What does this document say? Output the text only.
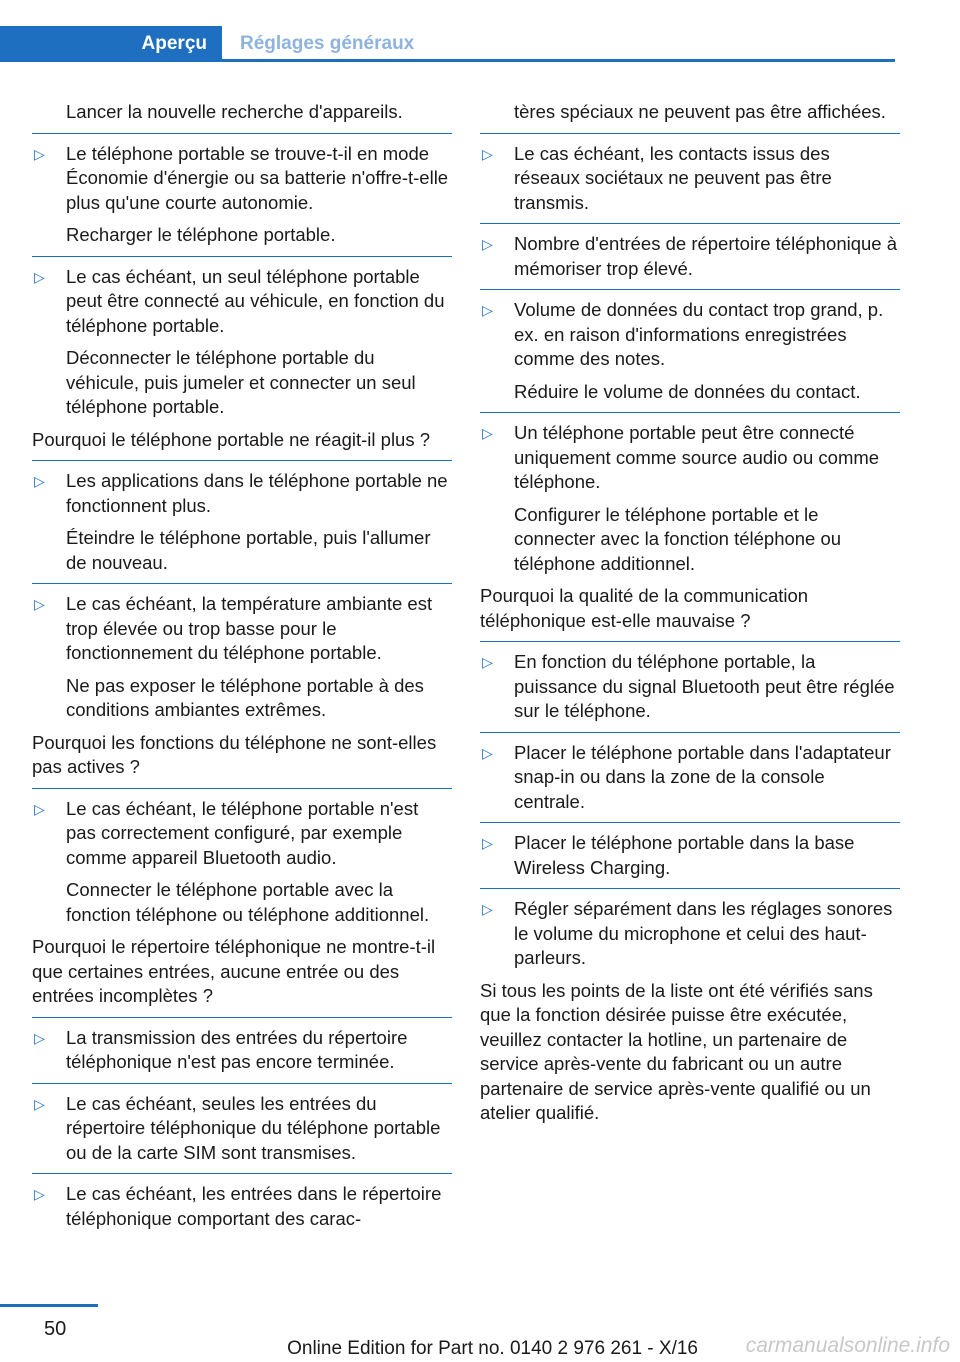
Aperçu Réglages généraux
Lancer la nouvelle recherche d'appareils.
▷	Le téléphone portable se trouve-t-il en mode Économie d'énergie ou sa batterie n'offre-t-elle plus qu'une courte autonomie.
Recharger le téléphone portable.
▷	Le cas échéant, un seul téléphone portable peut être connecté au véhicule, en fonction du téléphone portable.
Déconnecter le téléphone portable du véhicule, puis jumeler et connecter un seul téléphone portable.
Pourquoi le téléphone portable ne réagit-il plus ?
▷	Les applications dans le téléphone portable ne fonctionnent plus.
Éteindre le téléphone portable, puis l'allumer de nouveau.
▷	Le cas échéant, la température ambiante est trop élevée ou trop basse pour le fonctionnement du téléphone portable.
Ne pas exposer le téléphone portable à des conditions ambiantes extrêmes.
Pourquoi les fonctions du téléphone ne sont-elles pas actives ?
▷	Le cas échéant, le téléphone portable n'est pas correctement configuré, par exemple comme appareil Bluetooth audio.
Connecter le téléphone portable avec la fonction téléphone ou téléphone additionnel.
Pourquoi le répertoire téléphonique ne montre-t-il que certaines entrées, aucune entrée ou des entrées incomplètes ?
▷	La transmission des entrées du répertoire téléphonique n'est pas encore terminée.
▷	Le cas échéant, seules les entrées du répertoire téléphonique du téléphone portable ou de la carte SIM sont transmises.
▷	Le cas échéant, les entrées dans le répertoire téléphonique comportant des carac-
tères spéciaux ne peuvent pas être affichées.
▷	Le cas échéant, les contacts issus des réseaux sociétaux ne peuvent pas être transmis.
▷	Nombre d'entrées de répertoire téléphonique à mémoriser trop élevé.
▷	Volume de données du contact trop grand, p. ex. en raison d'informations enregistrées comme des notes.
Réduire le volume de données du contact.
▷	Un téléphone portable peut être connecté uniquement comme source audio ou comme téléphone.
Configurer le téléphone portable et le connecter avec la fonction téléphone ou téléphone additionnel.
Pourquoi la qualité de la communication téléphonique est-elle mauvaise ?
▷	En fonction du téléphone portable, la puissance du signal Bluetooth peut être réglée sur le téléphone.
▷	Placer le téléphone portable dans l'adaptateur snap-in ou dans la zone de la console centrale.
▷	Placer le téléphone portable dans la base Wireless Charging.
▷	Régler séparément dans les réglages sonores le volume du microphone et celui des haut-parleurs.
Si tous les points de la liste ont été vérifiés sans que la fonction désirée puisse être exécutée, veuillez contacter la hotline, un partenaire de service après-vente du fabricant ou un autre partenaire de service après-vente qualifié ou un atelier qualifié.
50
Online Edition for Part no. 0140 2 976 261 - X/16 carmanualsonline.info
